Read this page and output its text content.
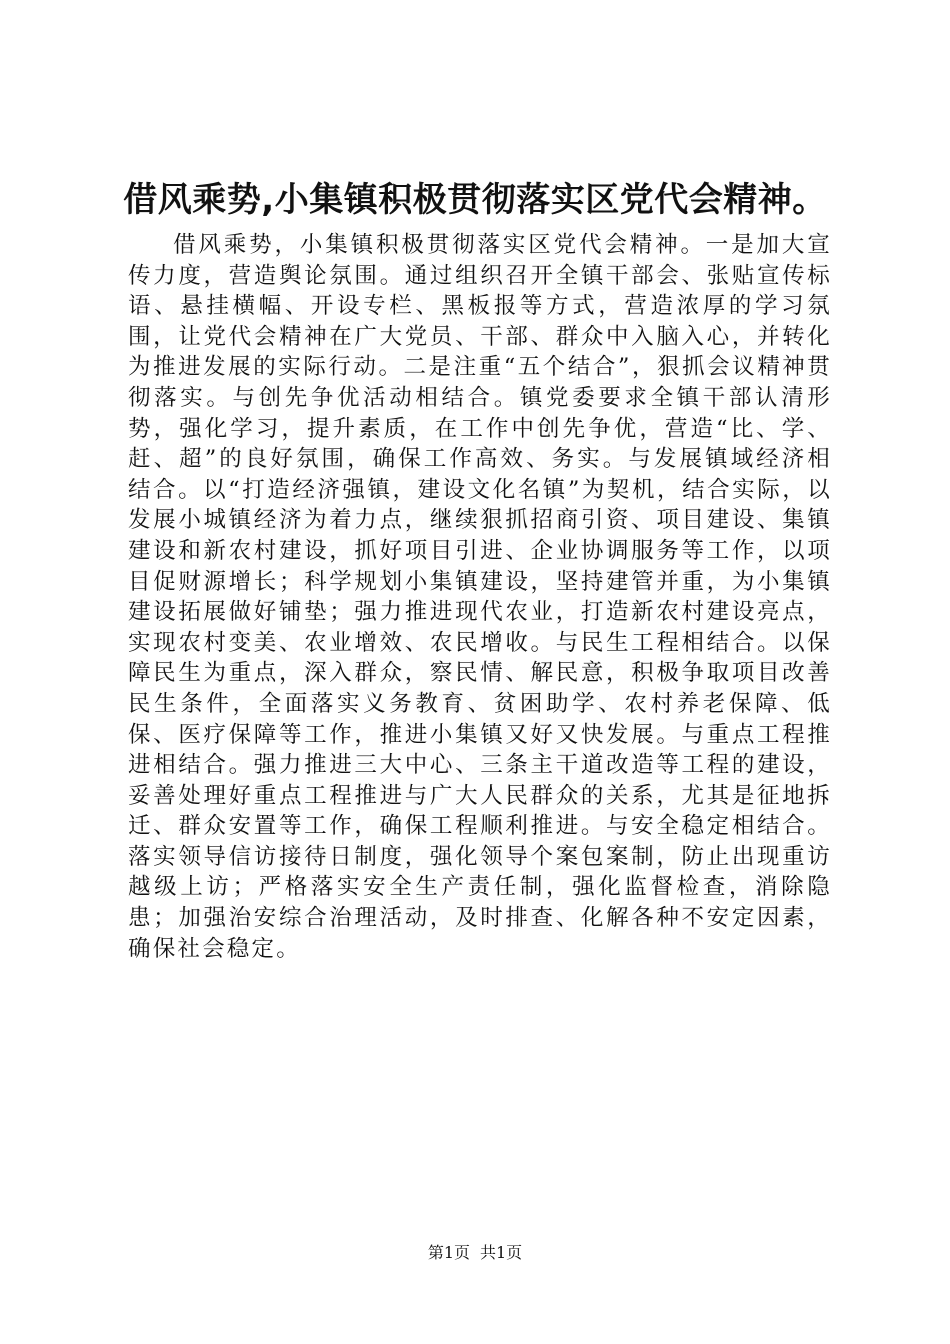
借风乘势,小集镇积极贯彻落实区党代会精神。

借风乘势，小集镇积极贯彻落实区党代会精神。一是加大宣传力度，营造舆论氛围。通过组织召开全镇干部会、张贴宣传标语、悬挂横幅、开设专栏、黑板报等方式，营造浓厚的学习氛围，让党代会精神在广大党员、干部、群众中入脑入心，并转化为推进发展的实际行动。二是注重“五个结合”，狠抓会议精神贯彻落实。与创先争优活动相结合。镇党委要求全镇干部认清形势，强化学习，提升素质，在工作中创先争优，营造“比、学、赶、超”的良好氛围，确保工作高效、务实。与发展镇域经济相结合。以“打造经济强镇，建设文化名镇”为契机，结合实际，以发展小城镇经济为着力点，继续狠抓招商引资、项目建设、集镇建设和新农村建设，抓好项目引进、企业协调服务等工作，以项目促财源增长；科学规划小集镇建设，坚持建管并重，为小集镇建设拓展做好铺垫；强力推进现代农业，打造新农村建设亮点，实现农村变美、农业增效、农民增收。与民生工程相结合。以保障民生为重点，深入群众，察民情、解民意，积极争取项目改善民生条件，全面落实义务教育、贫困助学、农村养老保障、低保、医疗保障等工作，推进小集镇又好又快发展。与重点工程推进相结合。强力推进三大中心、三条主干道改造等工程的建设，妥善处理好重点工程推进与广大人民群众的关系，尤其是征地拆迁、群众安置等工作，确保工程顺利推进。与安全稳定相结合。落实领导信访接待日制度，强化领导个案包案制，防止出现重访越级上访；严格落实安全生产责任制，强化监督检查，消除隐患；加强治安综合治理活动，及时排查、化解各种不安定因素，确保社会稳定。

第1页 共1页
